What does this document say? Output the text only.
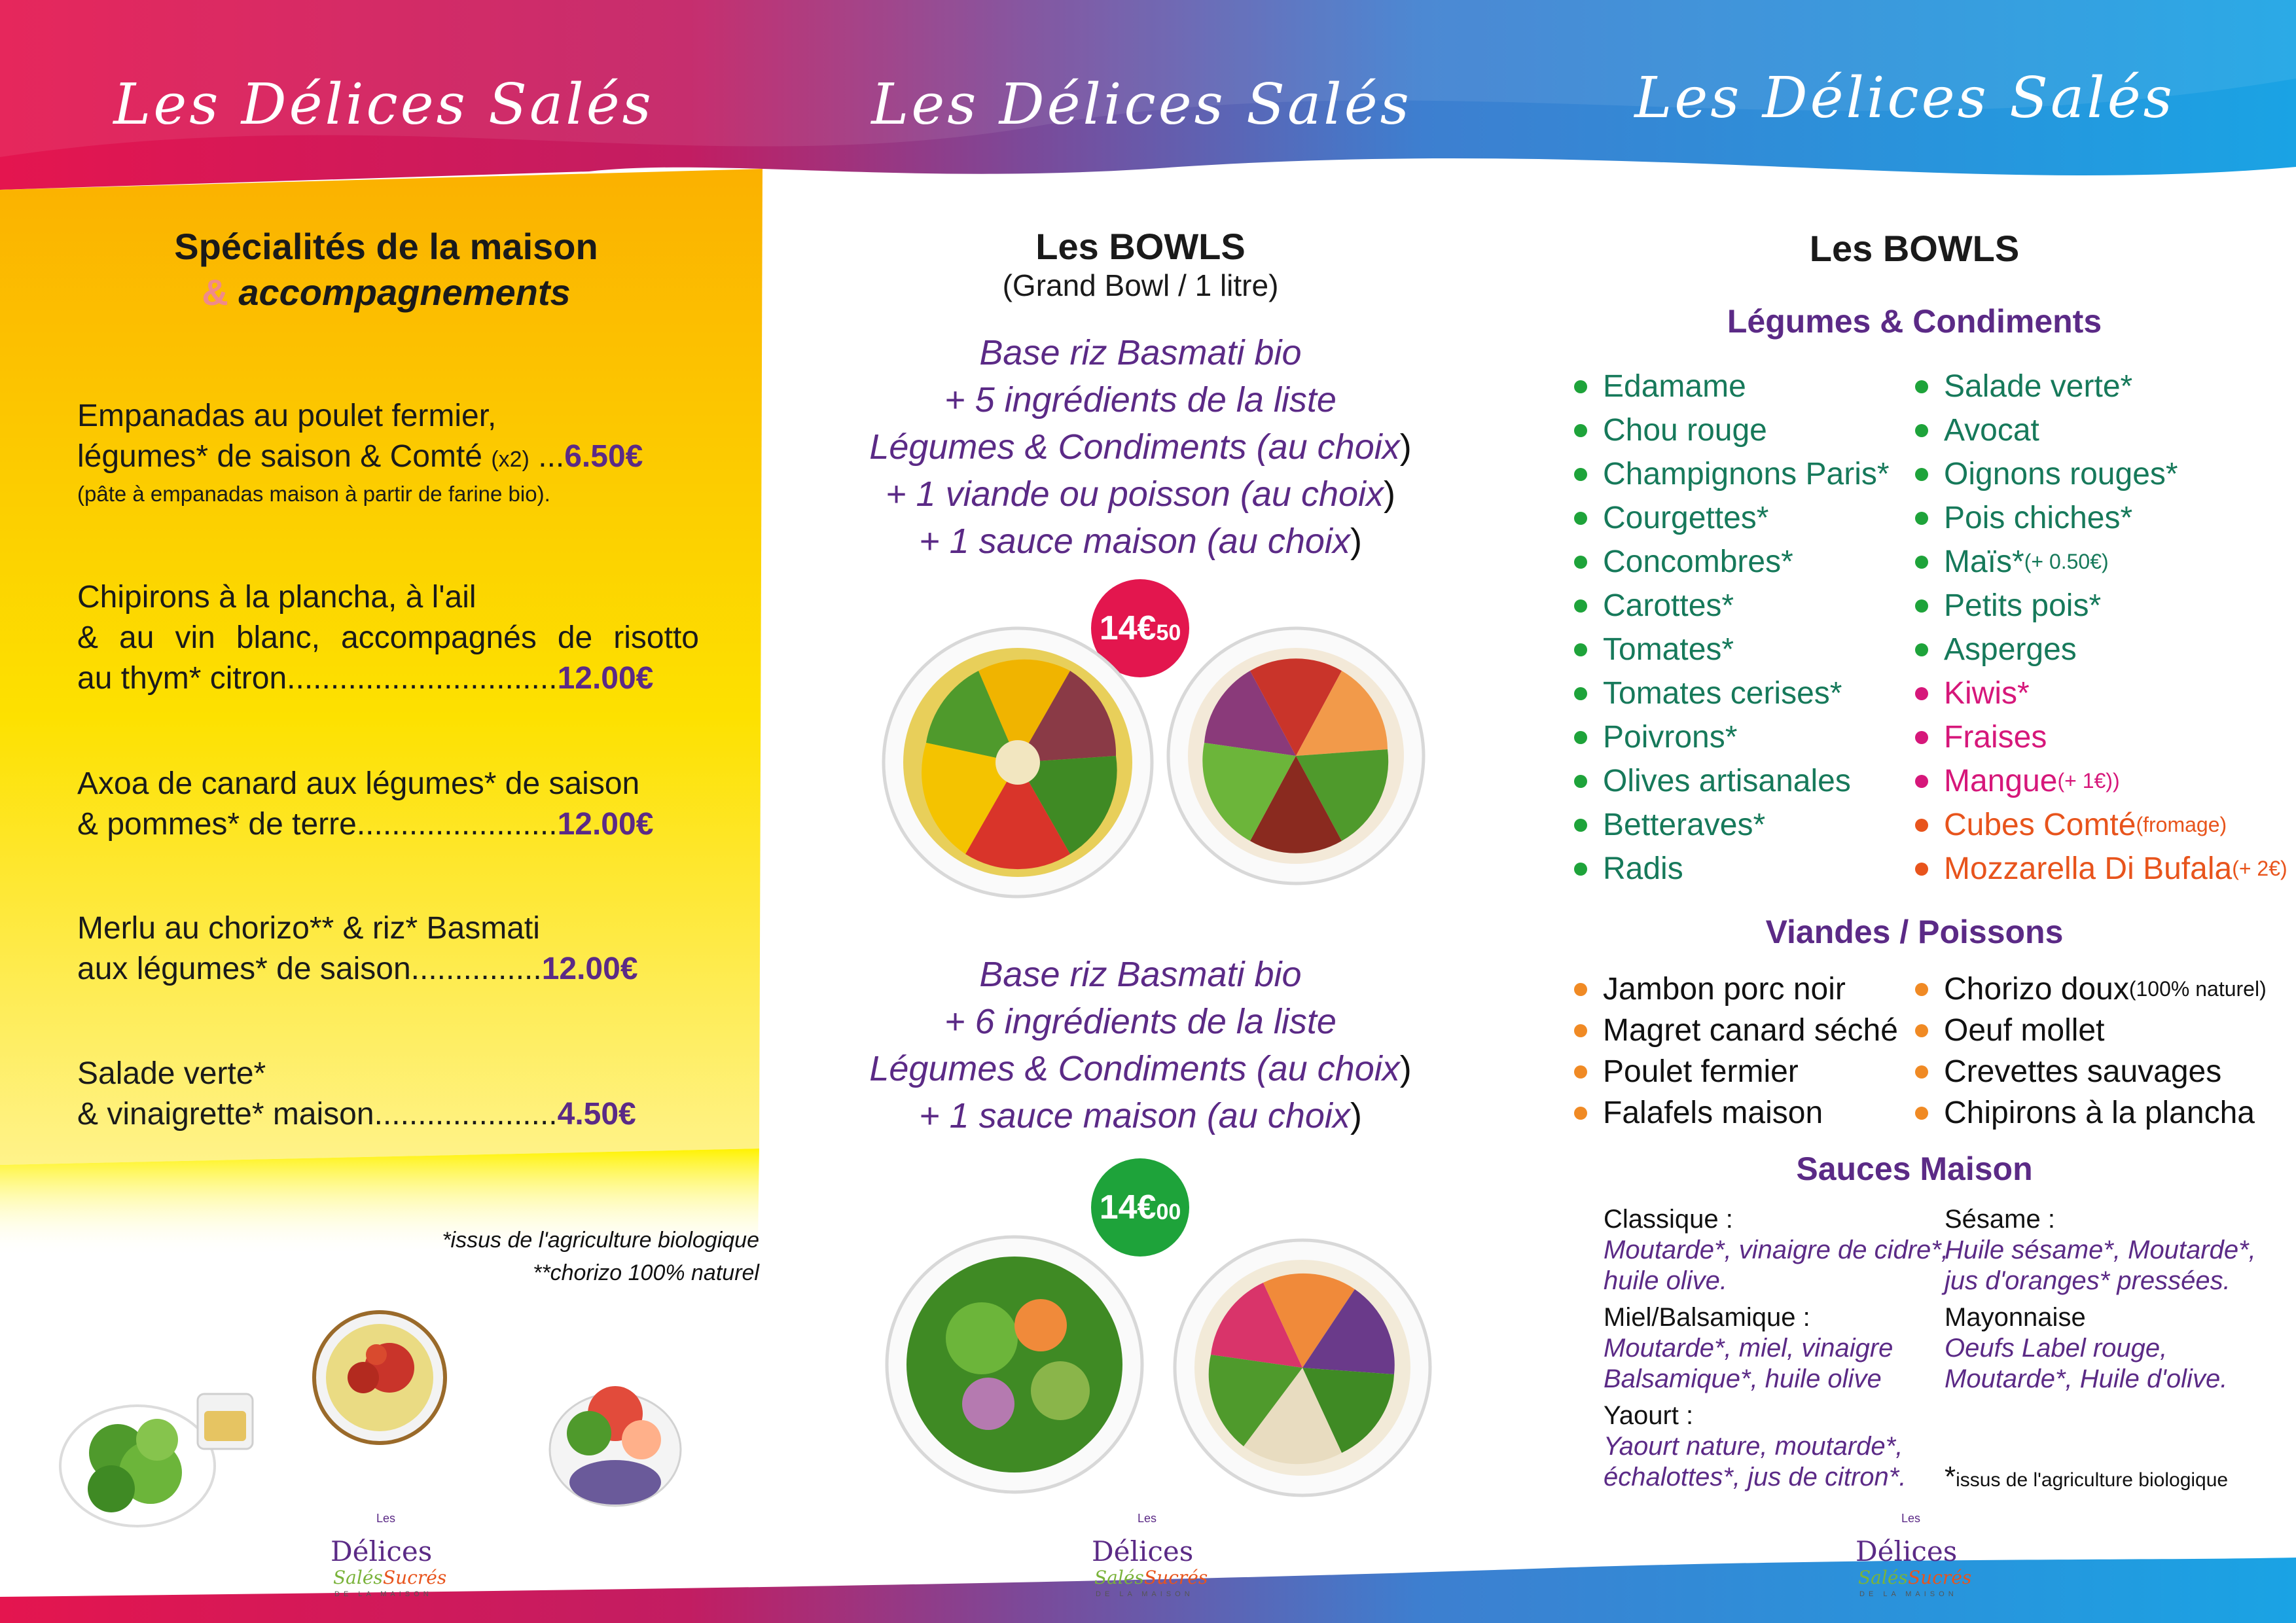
Les Délices Salés	Les Délices Salés	Les Délices Salés
Spécialités de la maison
& accompagnements
Empanadas au poulet fermier,
légumes* de saison & Comté (x2) ...6.50€
(pâte à empanadas maison à partir de farine bio).
Chipirons à la plancha, à l'ail
& au vin blanc, accompagnés de risotto
au thym* citron...............................12.00€
Axoa de canard aux légumes* de saison
& pommes* de terre.......................12.00€
Merlu au chorizo** & riz* Basmati
aux légumes* de saison...............12.00€
Salade verte*
& vinaigrette* maison.....................4.50€
*issus de l'agriculture biologique
**chorizo 100% naturel
Les BOWLS
(Grand Bowl / 1 litre)
Base riz Basmati bio
+ 5 ingrédients de la liste
Légumes & Condiments (au choix)
+ 1 viande ou poisson (au choix)
+ 1 sauce maison (au choix)
14€ 50
Base riz Basmati bio
+ 6 ingrédients de la liste
Légumes & Condiments (au choix)
+ 1 sauce maison (au choix)
14€ 00
Les BOWLS
Légumes & Condiments
Edamame
Chou rouge
Champignons Paris*
Courgettes*
Concombres*
Carottes*
Tomates*
Tomates cerises*
Poivrons*
Olives artisanales
Betteraves*
Radis
Salade verte*
Avocat
Oignons rouges*
Pois chiches*
Maïs* (+ 0.50€)
Petits pois*
Asperges
Kiwis*
Fraises
Mangue (+ 1€))
Cubes Comté (fromage)
Mozzarella Di Bufala (+ 2€)
Viandes / Poissons
Jambon porc noir
Magret canard séché
Poulet fermier
Falafels maison
Chorizo doux (100% naturel)
Oeuf mollet
Crevettes sauvages
Chipirons à la plancha
Sauces Maison
Classique :
Moutarde*, vinaigre de cidre*,
huile olive.
Miel/Balsamique :
Moutarde*, miel, vinaigre
Balsamique*, huile olive
Yaourt :
Yaourt nature, moutarde*,
échalottes*, jus de citron*.
Sésame :
Huile sésame*, Moutarde*,
jus d'oranges* pressées.
Mayonnaise
Oeufs Label rouge,
Moutarde*, Huile d'olive.
*issus de l'agriculture biologique
Les
Délices
Salés Sucrés
DE LA MAISON
Les
Délices
Salés Sucrés
DE LA MAISON
Les
Délices
Salés Sucrés
DE LA MAISON
